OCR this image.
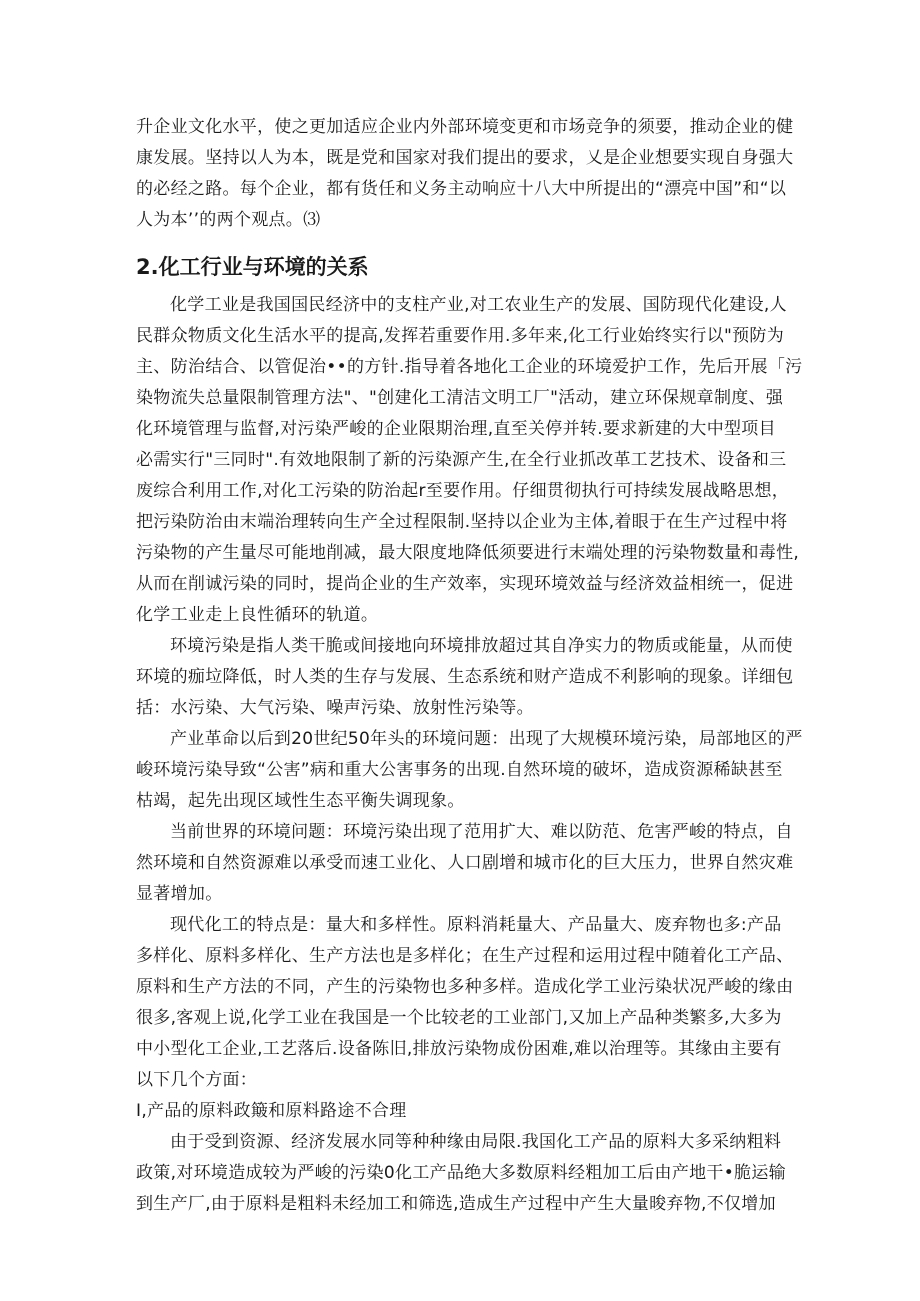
升企业文化水平，使之更加适应企业内外部环境变更和市场竞争的须要，推动企业的健
康发展。坚持以人为本，既是党和国家对我们提出的要求，乂是企业想要实现自身强大
的必经之路。每个企业，都有货任和义务主动响应十八大中所提出的“漂亮中国”和“以
人为本’’的两个观点。⑶
2.化工行业与环境的关系
化学工业是我国国民经济中的支柱产业,对工农业生产的发展、国防现代化建设,人
民群众物质文化生活水平的提高,发挥若重要作用.多年来,化工行业始终实行以"预防为
主、防治结合、以管促治••的方针.指导着各地化工企业的环境爱护工作，先后开展「污
染物流失总量限制管理方法"、"创建化工清洁文明工厂"活动，建立环保规章制度、强
化环境管理与监督,对污染严峻的企业限期治理,直至关停并转.要求新建的大中型项目
必需实行"三同时".有效地限制了新的污染源产生,在全行业抓改革工艺技术、设备和三
废综合利用工作,对化工污染的防治起r至要作用。仔细贯彻执行可持续发展战略思想，
把污染防治由末端治理转向生产全过程限制.坚持以企业为主体,着眼于在生产过程中将
污染物的产生量尽可能地削减，最大限度地降低须要进行末端处理的污染物数量和毒性,
从而在削诚污染的同时，提尚企业的生产效率，实现环境效益与经济效益相统一，促进
化学工业走上良性循环的轨道。
环境污染是指人类干脆或间接地向环境排放超过其自净实力的物质或能量，从而使
环境的痂垃降低，时人类的生存与发展、生态系统和财产造成不利影响的现象。详细包
括：水污染、大气污染、噪声污染、放射性污染等。
产业革命以后到20世纪50年头的环境问题：出现了大规模环境污染，局部地区的严
峻环境污染导致“公害”病和重大公害事务的出现.自然环境的破坏，造成资源稀缺甚至
枯竭，起先出现区域性生态平衡失调现象。
当前世界的环境问题：环境污染出现了范用扩大、难以防范、危害严峻的特点，自
然环境和自然资源难以承受而速工业化、人口剧增和城市化的巨大压力，世界自然灾难
显著增加。
现代化工的特点是：量大和多样性。原料消耗量大、产品量大、废弃物也多:产品
多样化、原料多样化、生产方法也是多样化；在生产过程和运用过程中随着化工产品、
原料和生产方法的不同，产生的污染物也多种多样。造成化学工业污染状况严峻的缘由
很多,客观上说,化学工业在我国是一个比较老的工业部门,又加上产品种类繁多,大多为
中小型化工企业,工艺落后.设备陈旧,排放污染物成份困难,难以治理等。其缘由主要有
以下几个方面：
I,产品的原料政簸和原料路途不合理
由于受到资源、经济发展水同等种种缘由局限.我国化工产品的原料大多采纳粗料
政策,对环境造成较为严峻的污染0化工产品绝大多数原料经粗加工后由产地干•脆运输
到生产厂,由于原料是粗料未经加工和筛选,造成生产过程中产生大量晙弃物,不仅增加
